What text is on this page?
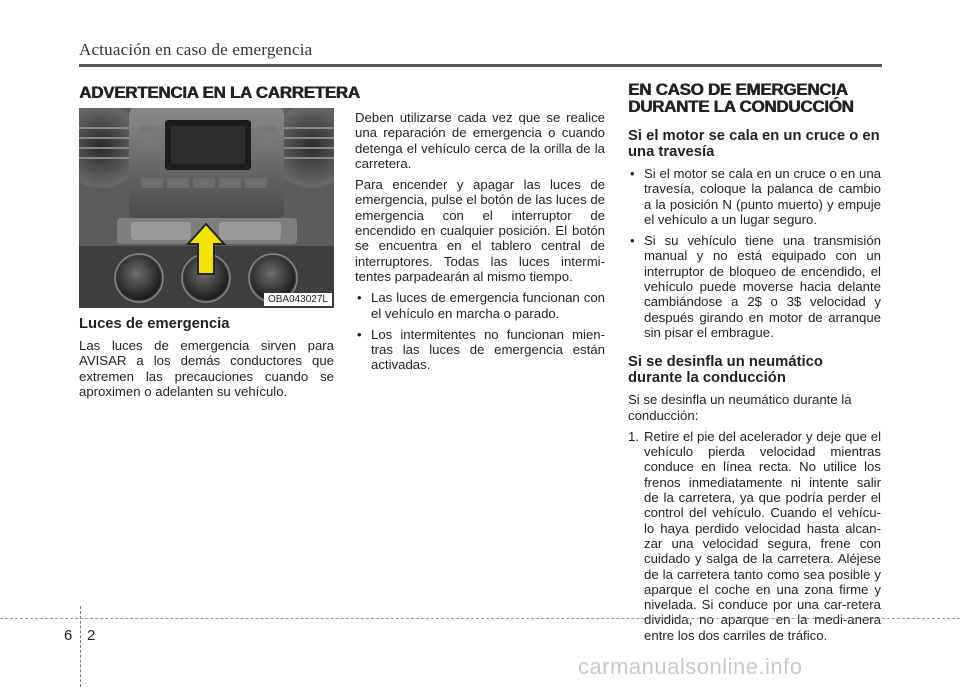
Actuación en caso de emergencia
ADVERTENCIA EN LA CARRETERA
OBA043027L
Luces de emergencia

Las luces de emergencia sirven para AVISAR a los demás conductores que extremen las precauciones cuando se aproximen o adelanten su vehículo.

Deben utilizarse cada vez que se realice una reparación de emergencia o cuando detenga el vehículo cerca de la orilla de la carretera.

Para encender y apagar las luces de emergencia, pulse el botón de las luces de emergencia con el interruptor de encendido en cualquier posición. El botón se encuentra en el tablero central de interruptores. Todas las luces intermi-tentes parpadearán al mismo tiempo.

• Las luces de emergencia funcionan con el vehículo en marcha o parado.
• Los intermitentes no funcionan mien-tras las luces de emergencia están activadas.
EN CASO DE EMERGENCIA
DURANTE LA CONDUCCIÓN
Si el motor se cala en un cruce o en una travesía
• Si el motor se cala en un cruce o en una travesía, coloque la palanca de cambio a la posición N (punto muerto) y empuje el vehículo a un lugar seguro.
• Si su vehículo tiene una transmisión manual y no está equipado con un interruptor de bloqueo de encendido, el vehículo puede moverse hacia delante cambiándose a 2$ o 3$ velocidad y después girando en motor de arranque sin pisar el embrague.
Si se desinfla un neumático durante la conducción

Si se desinfla un neumático durante la conducción:

1. Retire el pie del acelerador y deje que el vehículo pierda velocidad mientras conduce en línea recta. No utilice los frenos inmediatamente ni intente salir de la carretera, ya que podría perder el control del vehículo. Cuando el vehícu-lo haya perdido velocidad hasta alcan-zar una velocidad segura, frene con cuidado y salga de la carretera. Aléjese de la carretera tanto como sea posible y aparque el coche en una zona firme y nivelada. Si conduce por una car-retera dividida, no aparque en la medi-anera entre los dos carriles de tráfico.
6 2
carmanualsonline.info
